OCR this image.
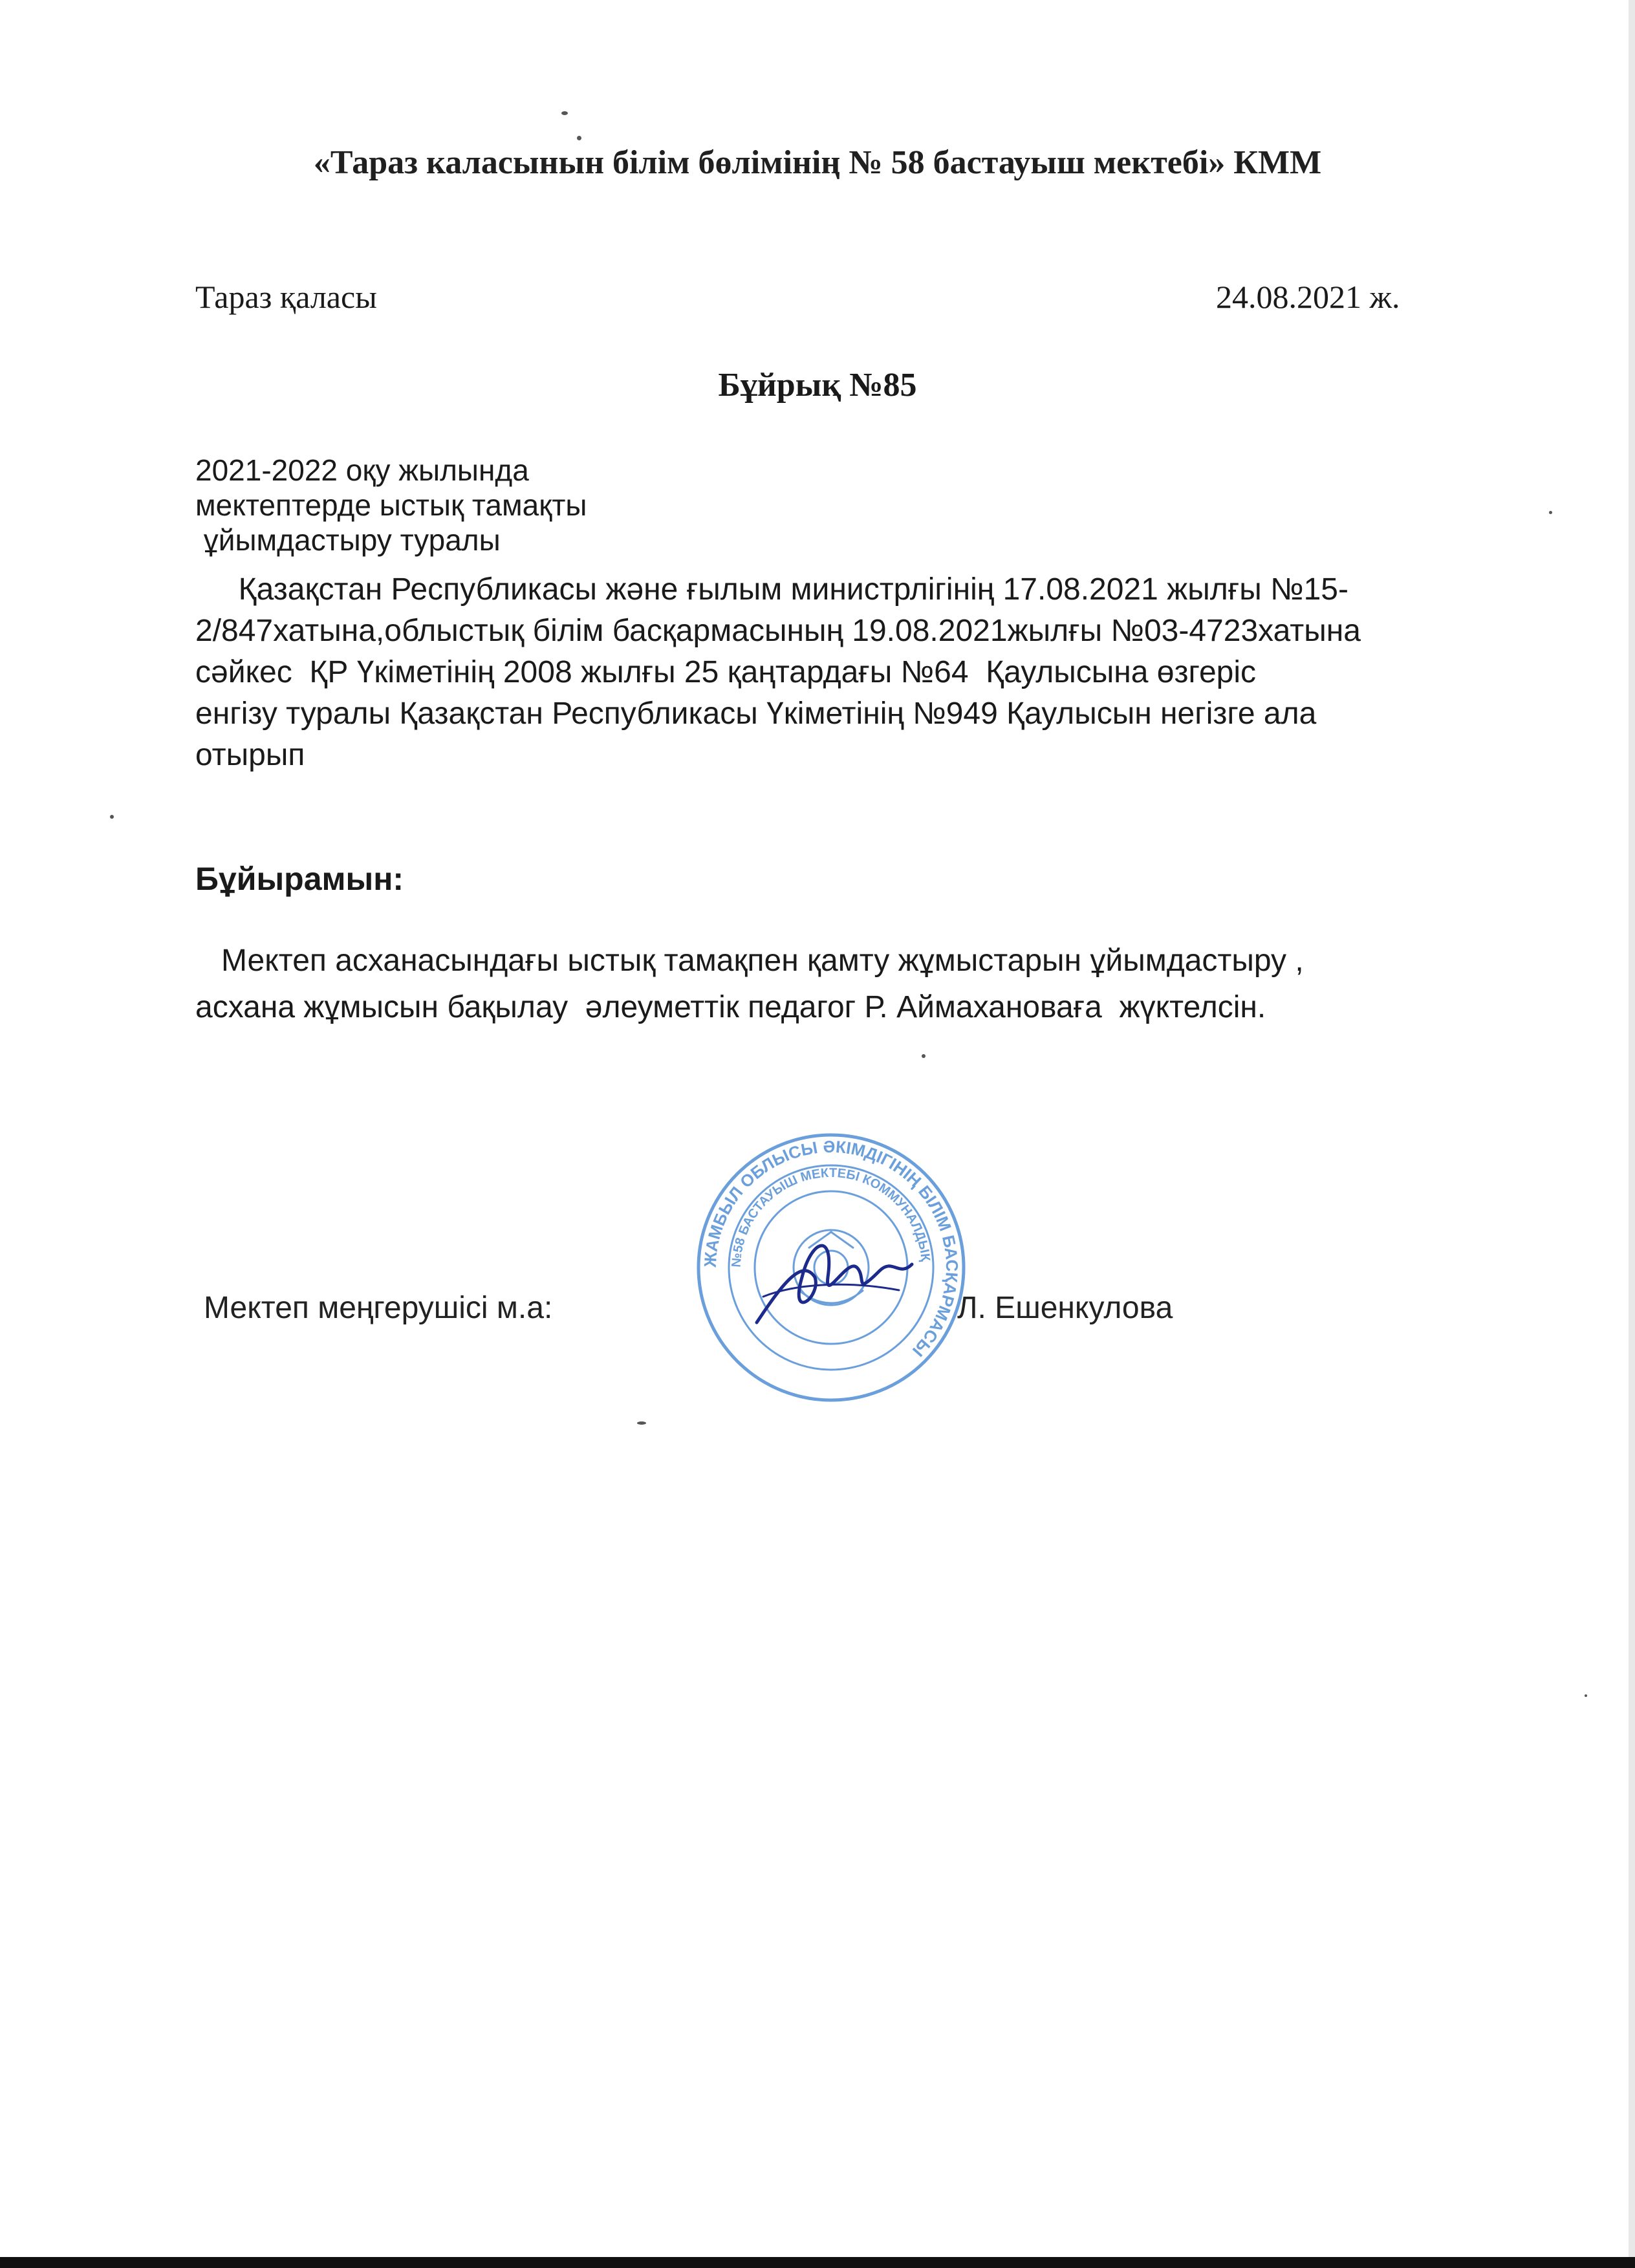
«Тараз каласынын білім бөлімінің № 58 бастауыш мектебі» КММ
Тараз қаласы	24.08.2021 ж.
Бұйрық №85
2021-2022 оқу жылында
мектептерде ыстық тамақты
ұйымдастыру туралы
Қазақстан Республикасы және ғылым министрлігінің 17.08.2021 жылғы №15-
2/847хатына,облыстық білім басқармасының 19.08.2021жылғы №03-4723хатына
сәйкес  ҚР Үкіметінің 2008 жылғы 25 қаңтардағы №64  Қаулысына өзгеріс
енгізу туралы Қазақстан Республикасы Үкіметінің №949 Қаулысын негізге ала
отырып
Бұйырамын:
Мектеп асханасындағы ыстық тамақпен қамту жұмыстарын ұйымдастыру ,
асхана жұмысын бақылау  әлеуметтік педагог Р. Аймахановаға  жүктелсін.
ЖАМБЫЛ ОБЛЫСЫ ӘКІМДІГІНІҢ БІЛІМ БАСҚАРМАСЫ
№58 БАСТАУЫШ МЕКТЕБІ КОММУНАЛДЫҚ
Мектеп меңгерушісі м.а:	Л. Ешенкулова
